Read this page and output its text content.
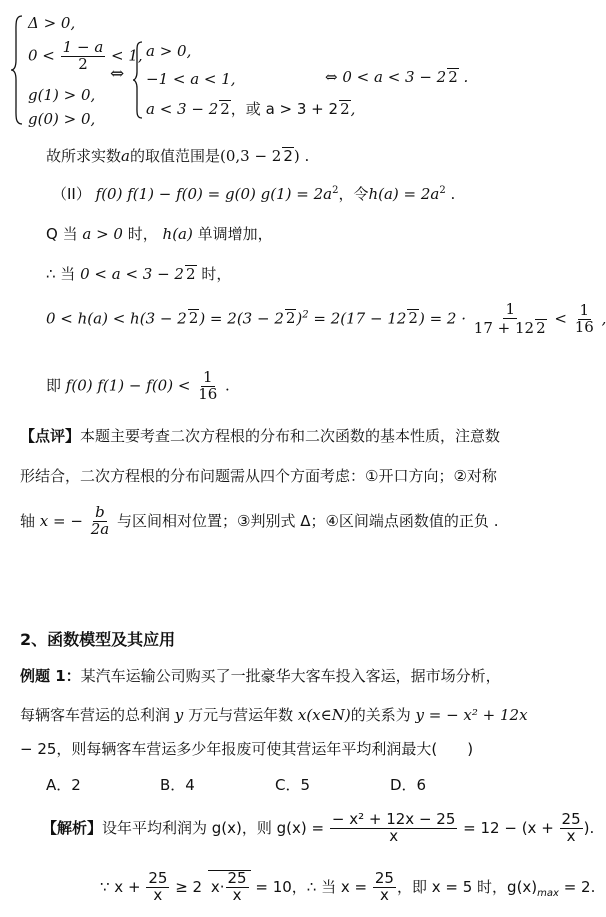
Δ > 0,
$0 < \frac{1 - a}{2} < 1$,
g(1) > 0,
g(0) > 0,
⇔
a > 0,
−1 < a < 1,
a < 3 − 2 2，或 a > 3 + 2 2,
⇔ 0 < a < 3 − 2 2 .
故所求实数a的取值范围是(0,3 − 2 2) .
（II） f(0) f(1) − f(0) = g(0) $g(1) = 2a^2$，令$h(a) = 2a^2$ .
Q 当 a > 0 时， h(a) 单调增加，
∴ 当 0 < a < 3 − 2 2 时，
0 < h(a) < h(3 − 2 2) = 2(3 − 2 2)$^2$ = 2(17 − 12 $2) = 2 \cdot \frac{1}{17 + 12 2} < \frac{1}{16}$ ,
即 f(0) $f(1) - f(0) < \frac{1}{16}$ .
【点评】本题主要考查二次方程根的分布和二次函数的基本性质，注意数
形结合，二次方程根的分布问题需从四个方面考虑：①开口方向；②对称
轴 x = − $\frac{b}{2a}$ 与区间相对位置；③判别式 Δ；④区间端点函数值的正负 .
2、函数模型及其应用
例题 1：某汽车运输公司购买了一批豪华大客车投入客运，据市场分析，
每辆客车营运的总利润 y 万元与营运年数 x(x∈N)的关系为 y = − x² + 12x
− 25，则每辆客车营运多少年报废可使其营运年平均利润最大(　　)
A．2	B．4	C．5	D．6
【解析】设年平均利润为 g(x)，则 $g(x) = \frac{\text{− x² + 12x − 25}}{x} = 12 - (x + \frac{25}{x}$ ).
∵ $x + \frac{25}{x} \ge 2$ $x\cdot \frac{25}{x} = 10$，∴ 当 $x = \frac{25}{x}$ ，即 x = 5 时，$g(x)_{max} = 2$.
